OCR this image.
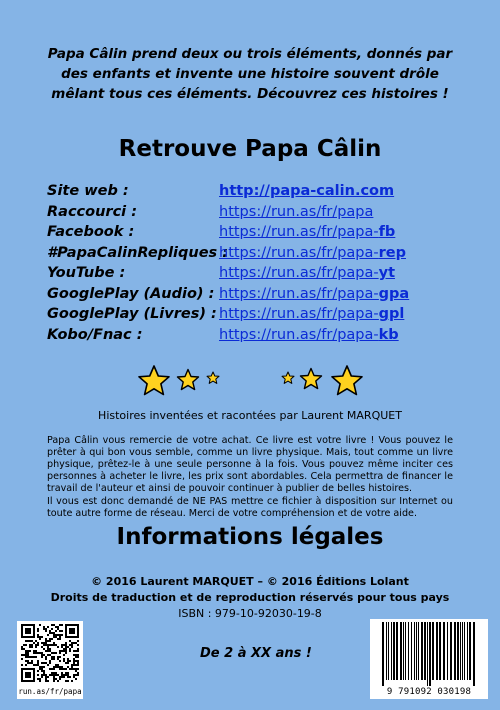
Papa Câlin prend deux ou trois éléments, donnés par des enfants et invente une histoire souvent drôle mêlant tous ces éléments. Découvrez ces histoires !
Retrouve Papa Câlin
Site web :	http://papa-calin.com
Raccourci :	https://run.as/fr/papa
Facebook :	https://run.as/fr/papa-fb
#PapaCalinRepliques :
https://run.as/fr/papa-rep
YouTube :	https://run.as/fr/papa-yt
GooglePlay (Audio) : https://run.as/fr/papa-gpa
GooglePlay (Livres) : https://run.as/fr/papa-gpl
Kobo/Fnac :	https://run.as/fr/papa-kb
Histoires inventées et racontées par Laurent MARQUET

Papa Câlin vous remercie de votre achat. Ce livre est votre livre ! Vous pouvez le prêter à qui bon vous semble, comme un livre physique. Mais, tout comme un livre physique, prêtez-le à une seule personne à la fois. Vous pouvez même inciter ces personnes à acheter le livre, les prix sont abordables. Cela permettra de financer le travail de l'auteur et ainsi de pouvoir continuer à publier de belles histoires.

Il vous est donc demandé de NE PAS mettre ce fichier à disposition sur Internet ou toute autre forme de réseau. Merci de votre compréhension et de votre aide.

Informations légales
© 2016 Laurent MARQUET – © 2016 Éditions Lolant
Droits de traduction et de reproduction réservés pour tous pays
ISBN : 979-10-92030-19-8
run.as/fr/papa
De 2 à XX ans !
9 791092 030198
